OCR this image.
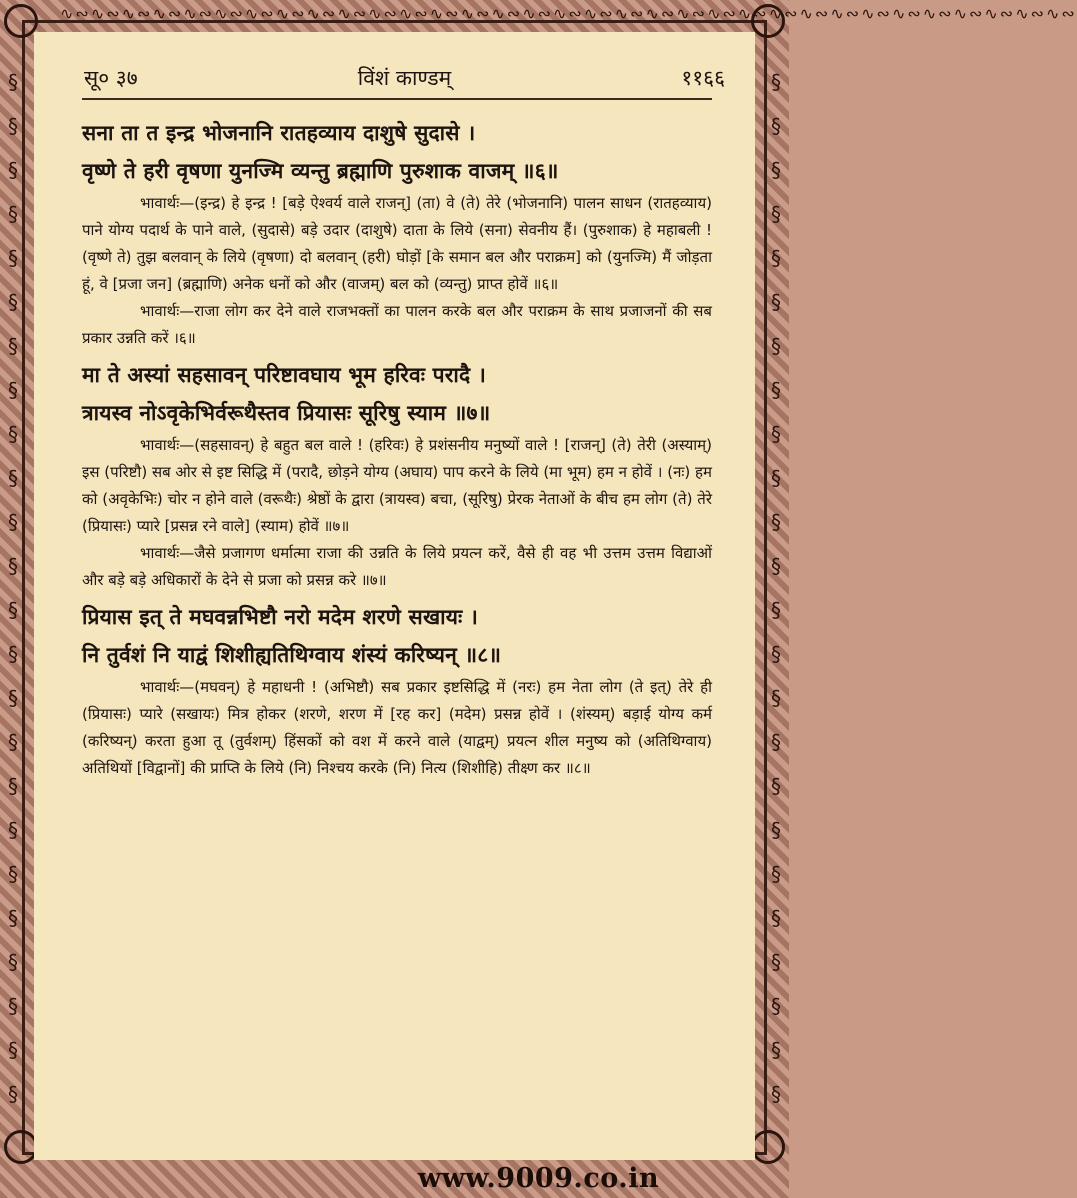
∿∾∿∾∿∾∿∾∿∾∿∾∿∾∿∾∿∾∿∾∿∾∿∾∿∾∿∾∿∾∿∾∿∾∿∾∿∾∿∾∿∾∿∾∿∾∿∾∿∾∿∾∿∾∿∾∿∾∿∾∿∾∿∾∿∾
§
§
§
§
§
§
§
§
§
§
§
§
§
§
§
§
§
§
§
§
§
§
§
§
§
§
§
§
§
§
§
§
§
§
§
§
§
§
§
§
§
§
§
§
§
§
§
§
सू० ३७	विंशं काण्डम्	११६६
सना ता त इन्द्र भोजनानि रातहव्याय दाशुषे सुदासे ।
वृष्णे ते हरी वृषणा युनज्मि व्यन्तु ब्रह्माणि पुरुशाक वाजम् ॥६॥
भावार्थः—(इन्द्र) हे इन्द्र ! [बड़े ऐश्वर्य वाले राजन्] (ता) वे (ते) तेरे (भोजनानि) पालन साधन (रातहव्याय) पाने योग्य पदार्थ के पाने वाले, (सुदासे) बड़े उदार (दाशुषे) दाता के लिये (सना) सेवनीय हैं। (पुरुशाक) हे महाबली ! (वृष्णे ते) तुझ बलवान् के लिये (वृषणा) दो बलवान् (हरी) घोड़ों [के समान बल और पराक्रम] को (युनज्मि) मैं जोड़ता हूं, वे [प्रजा जन] (ब्रह्माणि) अनेक धनों को और (वाजम्) बल को (व्यन्तु) प्राप्त होवें ॥६॥
भावार्थः—राजा लोग कर देने वाले राजभक्तों का पालन करके बल और पराक्रम के साथ प्रजाजनों की सब प्रकार उन्नति करें ।६॥
मा ते अस्यां सहसावन् परिष्टावघाय भूम हरिवः परादै ।
त्रायस्व नोऽवृकेभिर्वरूथैस्तव प्रियासः सूरिषु स्याम ॥७॥
भावार्थः—(सहसावन्) हे बहुत बल वाले ! (हरिवः) हे प्रशंसनीय मनुष्यों वाले ! [राजन्] (ते) तेरी (अस्याम्) इस (परिष्टौ) सब ओर से इष्ट सिद्धि में (परादै, छोड़ने योग्य (अघाय) पाप करने के लिये (मा भूम) हम न होवें । (नः) हम को (अवृकेभिः) चोर न होने वाले (वरूथैः) श्रेष्ठों के द्वारा (त्रायस्व) बचा, (सूरिषु) प्रेरक नेताओं के बीच हम लोग (ते) तेरे (प्रियासः) प्यारे [प्रसन्न रने वाले] (स्याम) होवें ॥७॥
भावार्थः—जैसे प्रजागण धर्मात्मा राजा की उन्नति के लिये प्रयत्न करें, वैसे ही वह भी उत्तम उत्तम विद्याओं और बड़े बड़े अधिकारों के देने से प्रजा को प्रसन्न करे ॥७॥
प्रियास इत् ते मघवन्नभिष्टौ नरो मदेम शरणे सखायः ।
नि तुर्वशं नि याद्वं शिशीह्यतिथिग्वाय शंस्यं करिष्यन् ॥८॥
भावार्थः—(मघवन्) हे महाधनी ! (अभिष्टौ) सब प्रकार इष्टसिद्धि में (नरः) हम नेता लोग (ते इत्) तेरे ही (प्रियासः) प्यारे (सखायः) मित्र होकर (शरणे, शरण में [रह कर] (मदेम) प्रसन्न होवें । (शंस्यम्) बड़ाई योग्य कर्म (करिष्यन्) करता हुआ तू (तुर्वशम्) हिंसकों को वश में करने वाले (याद्वम्) प्रयत्न शील मनुष्य को (अतिथिग्वाय) अतिथियों [विद्वानों] की प्राप्ति के लिये (नि) निश्चय करके (नि) नित्य (शिशीहि) तीक्ष्ण कर ॥८॥
www.9009.co.in
